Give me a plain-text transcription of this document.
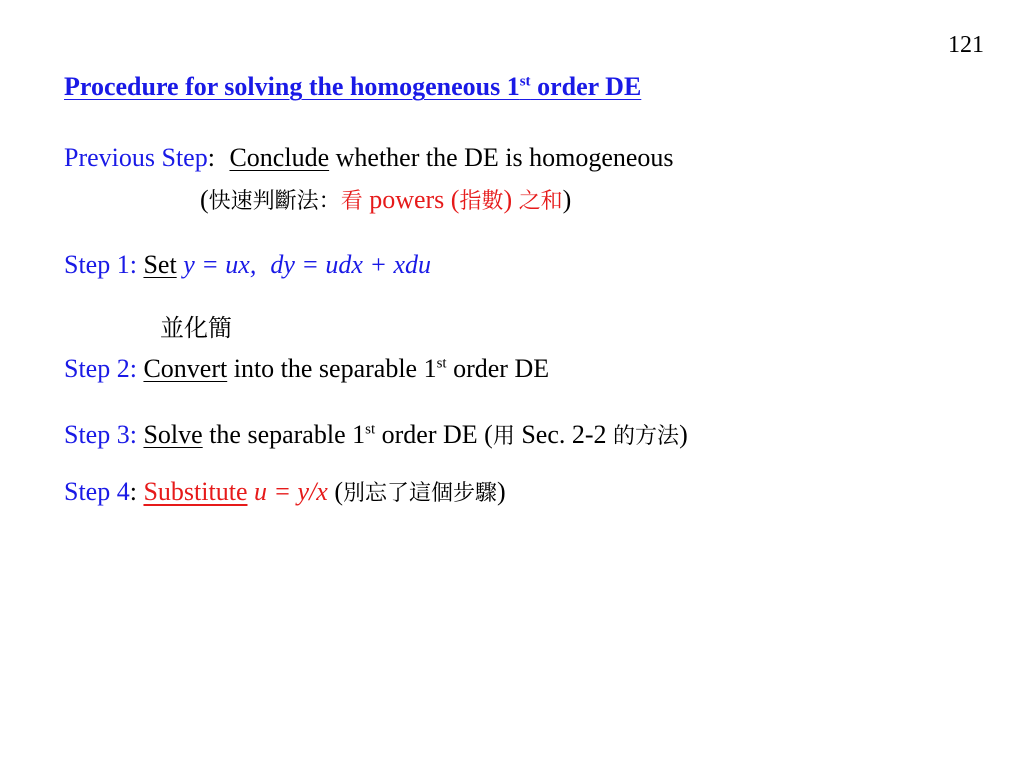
121
Procedure for solving the homogeneous 1st order DE
Previous Step: Conclude whether the DE is homogeneous
(快速判斷法：看 powers (指數) 之和)
Step 1: Set y = ux, dy = udx + xdu
並化簡
Step 2: Convert into the separable 1st order DE
Step 3: Solve the separable 1st order DE (用 Sec. 2-2 的方法)
Step 4: Substitute u = y/x (別忘了這個步驟)
